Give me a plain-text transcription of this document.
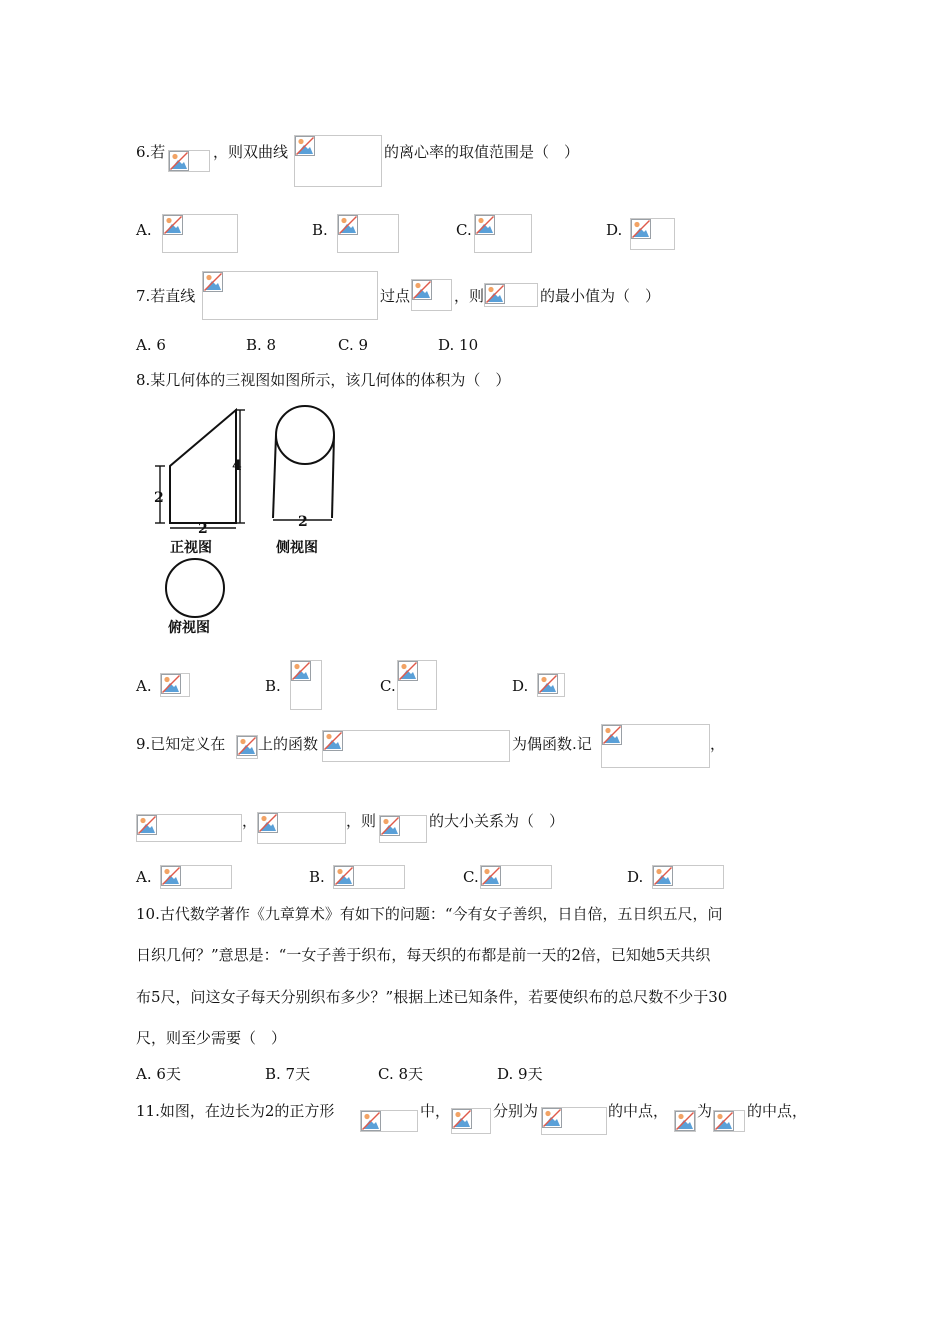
6.若	，则双曲线	的离心率的取值范围是（　）
A.	B.	C.	D.
7.若直线	过点	，则	的最小值为（　）
A. 6	B. 8	C. 9	D. 10
8.某几何体的三视图如图所示，该几何体的体积为（　）
2
4
2	2
正视图	侧视图
俯视图
A.	B.	C.	D.
9.已知定义在 上的函数	为偶函数.记	，
，	，则	的大小关系为（　）
A.	B.	C.	D.
10.古代数学著作《九章算术》有如下的问题：“今有女子善织，日自倍，五日织五尺，问
日织几何？”意思是：“一女子善于织布，每天织的布都是前一天的2倍，已知她5天共织
布5尺，问这女子每天分别织布多少？”根据上述已知条件，若要使织布的总尺数不少于30
尺，则至少需要（　）
A. 6天	B. 7天	C. 8天	D. 9天
11.如图，在边长为2的正方形	中，	分别为	的中点， 为 的中点，
